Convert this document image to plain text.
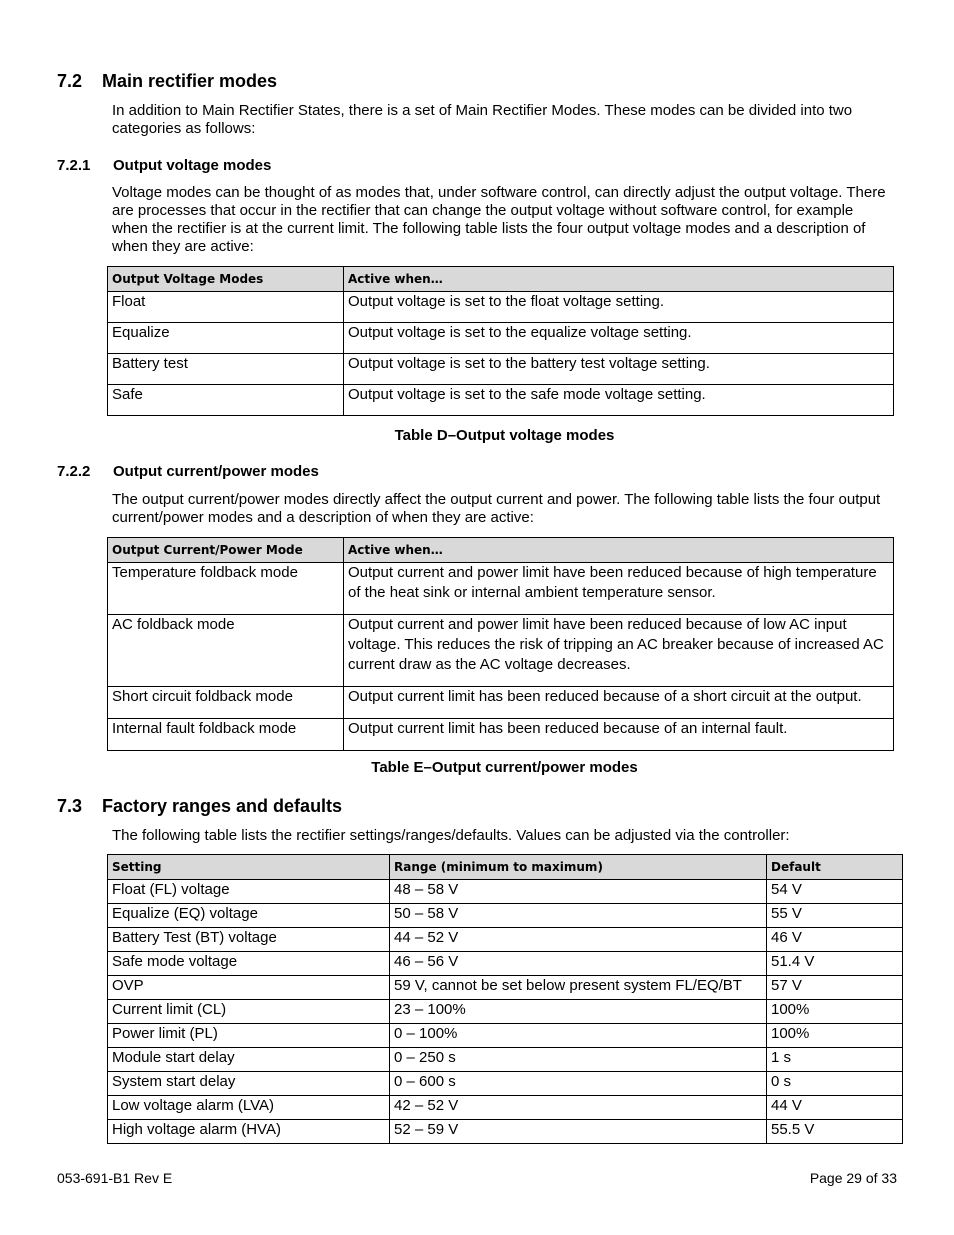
7.2 Main rectifier modes
In addition to Main Rectifier States, there is a set of Main Rectifier Modes. These modes can be divided into two categories as follows:
7.2.1 Output voltage modes
Voltage modes can be thought of as modes that, under software control, can directly adjust the output voltage. There are processes that occur in the rectifier that can change the output voltage without software control, for example when the rectifier is at the current limit. The following table lists the four output voltage modes and a description of when they are active:
Output Voltage Modes	Active when…
Float	Output voltage is set to the float voltage setting.
Equalize	Output voltage is set to the equalize voltage setting.
Battery test	Output voltage is set to the battery test voltage setting.
Safe	Output voltage is set to the safe mode voltage setting.
Table D–Output voltage modes
7.2.2 Output current/power modes
The output current/power modes directly affect the output current and power. The following table lists the four output current/power modes and a description of when they are active:
Output Current/Power Mode	Active when…
Temperature foldback mode	Output current and power limit have been reduced because of high temperature of the heat sink or internal ambient temperature sensor.
AC foldback mode	Output current and power limit have been reduced because of low AC input voltage. This reduces the risk of tripping an AC breaker because of increased AC current draw as the AC voltage decreases.
Short circuit foldback mode	Output current limit has been reduced because of a short circuit at the output.
Internal fault foldback mode	Output current limit has been reduced because of an internal fault.
Table E–Output current/power modes
7.3 Factory ranges and defaults
The following table lists the rectifier settings/ranges/defaults. Values can be adjusted via the controller:
Setting	Range (minimum to maximum)	Default
Float (FL) voltage	48 – 58 V	54 V
Equalize (EQ) voltage	50 – 58 V	55 V
Battery Test (BT) voltage	44 – 52 V	46 V
Safe mode voltage	46 – 56 V	51.4 V
OVP	59 V, cannot be set below present system FL/EQ/BT	57 V
Current limit (CL)	23 – 100%	100%
Power limit (PL)	0 – 100%	100%
Module start delay	0 – 250 s	1 s
System start delay	0 – 600 s	0 s
Low voltage alarm (LVA)	42 – 52 V	44 V
High voltage alarm (HVA)	52 – 59 V	55.5 V
053-691-B1 Rev E	Page 29 of 33
